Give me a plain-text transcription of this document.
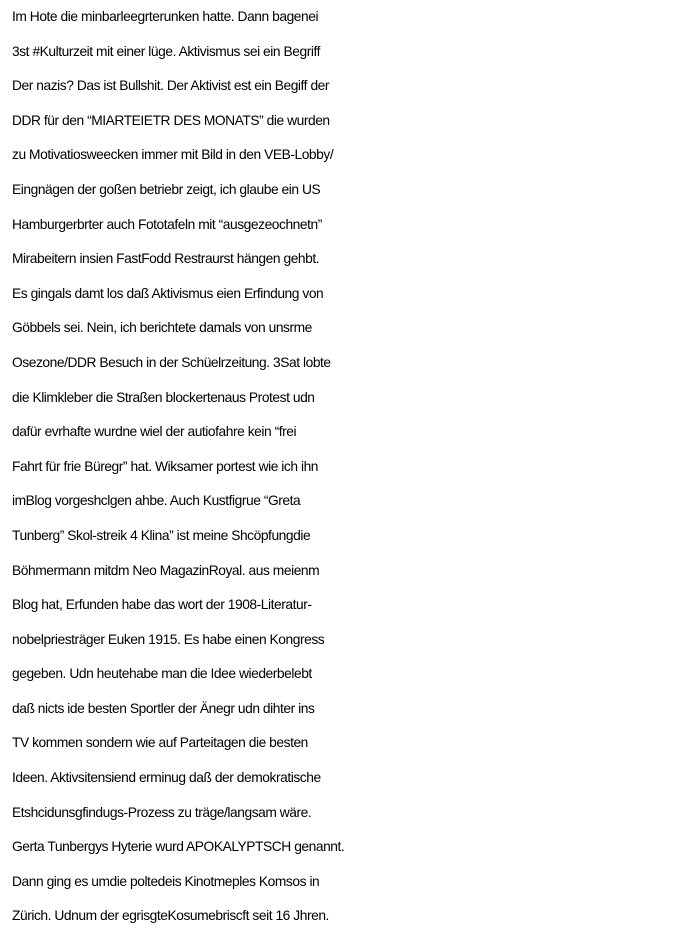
Im Hote die minbarleegrterunken hatte. Dann bagenei
3st #Kulturzeit mit einer lüge. Aktivismus sei ein Begriff
Der nazis? Das ist Bullshit. Der Aktivist est ein Begiff der
DDR für den “MIARTEIETR DES MONATS” die wurden
zu Motivatiosweecken immer mit Bild in den VEB-Lobby/
Eingnägen der goßen betriebr zeigt, ich glaube ein US
Hamburgerbrter auch Fototafeln mit “ausgezeochnetn”
Mirabeitern insien FastFodd Restraurst hängen gehbt.
Es gingals damt los daß Aktivismus eien Erfindung von
Göbbels sei. Nein, ich berichtete damals von unsrme
Osezone/DDR Besuch in der Schüelrzeitung. 3Sat lobte
die Klimkleber die Straßen blockertenaus Protest udn
dafür evrhafte wurdne wiel der autiofahre kein “frei
Fahrt für frie Büregr” hat. Wiksamer portest wie ich ihn
imBlog vorgeshclgen ahbe. Auch Kustfigrue “Greta
Tunberg” Skol-streik 4 Klina” ist meine Shcöpfungdie
Böhmermann mitdm Neo MagazinRoyal. aus meienm
Blog hat, Erfunden habe das wort der 1908-Literatur-
nobelpriesträger Euken 1915. Es habe einen Kongress
gegeben. Udn heutehabe man die Idee wiederbelebt
daß nicts ide besten Sportler der Änegr udn dihter ins
TV kommen sondern wie auf Parteitagen die besten
Ideen. Aktivsitensiend erminug daß der demokratische
Etshcidunsgfindugs-Prozess zu träge/langsam wäre.
Gerta Tunbergys Hyterie wurd APOKALYPTSCH genannt.
Dann ging es umdie poltedeis Kinotmeples Komsos in
Zürich. Udnum der egrisgteKosumebriscft seit 16 Jhren.
